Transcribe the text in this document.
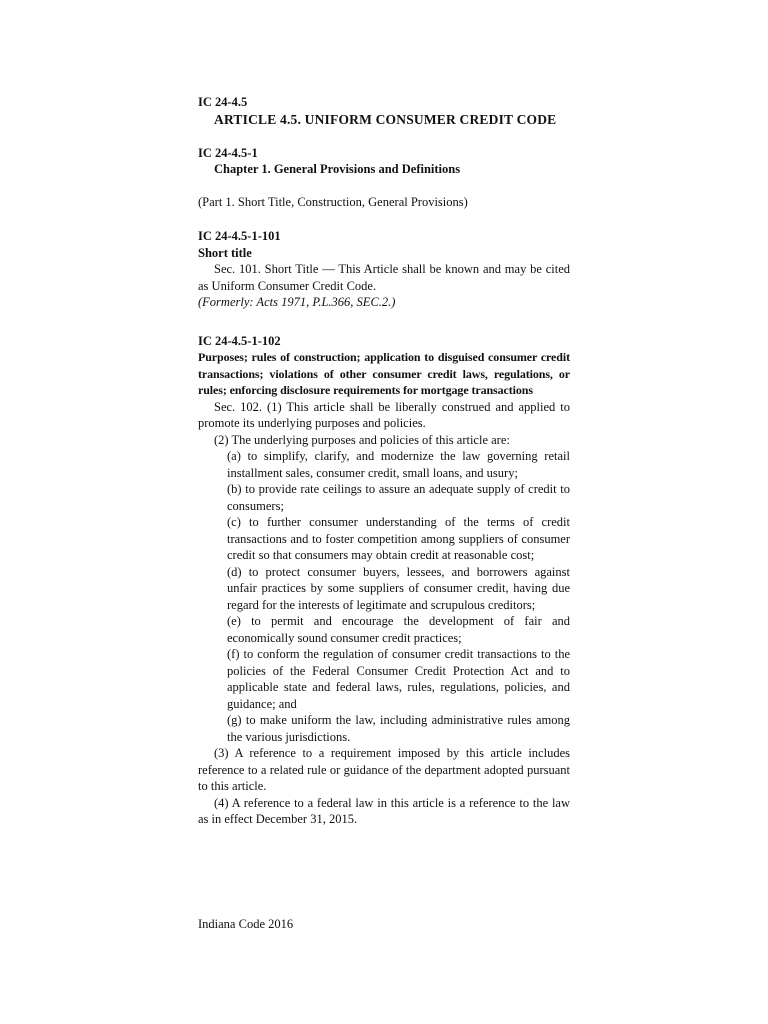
IC 24-4.5
ARTICLE 4.5. UNIFORM CONSUMER CREDIT CODE
IC 24-4.5-1
Chapter 1. General Provisions and Definitions
(Part 1. Short Title, Construction, General Provisions)
IC 24-4.5-1-101
Short title
Sec. 101. Short Title — This Article shall be known and may be cited as Uniform Consumer Credit Code.
(Formerly: Acts 1971, P.L.366, SEC.2.)
IC 24-4.5-1-102
Purposes; rules of construction; application to disguised consumer credit transactions; violations of other consumer credit laws, regulations, or rules; enforcing disclosure requirements for mortgage transactions
Sec. 102. (1) This article shall be liberally construed and applied to promote its underlying purposes and policies.
(2) The underlying purposes and policies of this article are:
(a) to simplify, clarify, and modernize the law governing retail installment sales, consumer credit, small loans, and usury;
(b) to provide rate ceilings to assure an adequate supply of credit to consumers;
(c) to further consumer understanding of the terms of credit transactions and to foster competition among suppliers of consumer credit so that consumers may obtain credit at reasonable cost;
(d) to protect consumer buyers, lessees, and borrowers against unfair practices by some suppliers of consumer credit, having due regard for the interests of legitimate and scrupulous creditors;
(e) to permit and encourage the development of fair and economically sound consumer credit practices;
(f) to conform the regulation of consumer credit transactions to the policies of the Federal Consumer Credit Protection Act and to applicable state and federal laws, rules, regulations, policies, and guidance; and
(g) to make uniform the law, including administrative rules among the various jurisdictions.
(3) A reference to a requirement imposed by this article includes reference to a related rule or guidance of the department adopted pursuant to this article.
(4) A reference to a federal law in this article is a reference to the law as in effect December 31, 2015.
Indiana Code 2016
